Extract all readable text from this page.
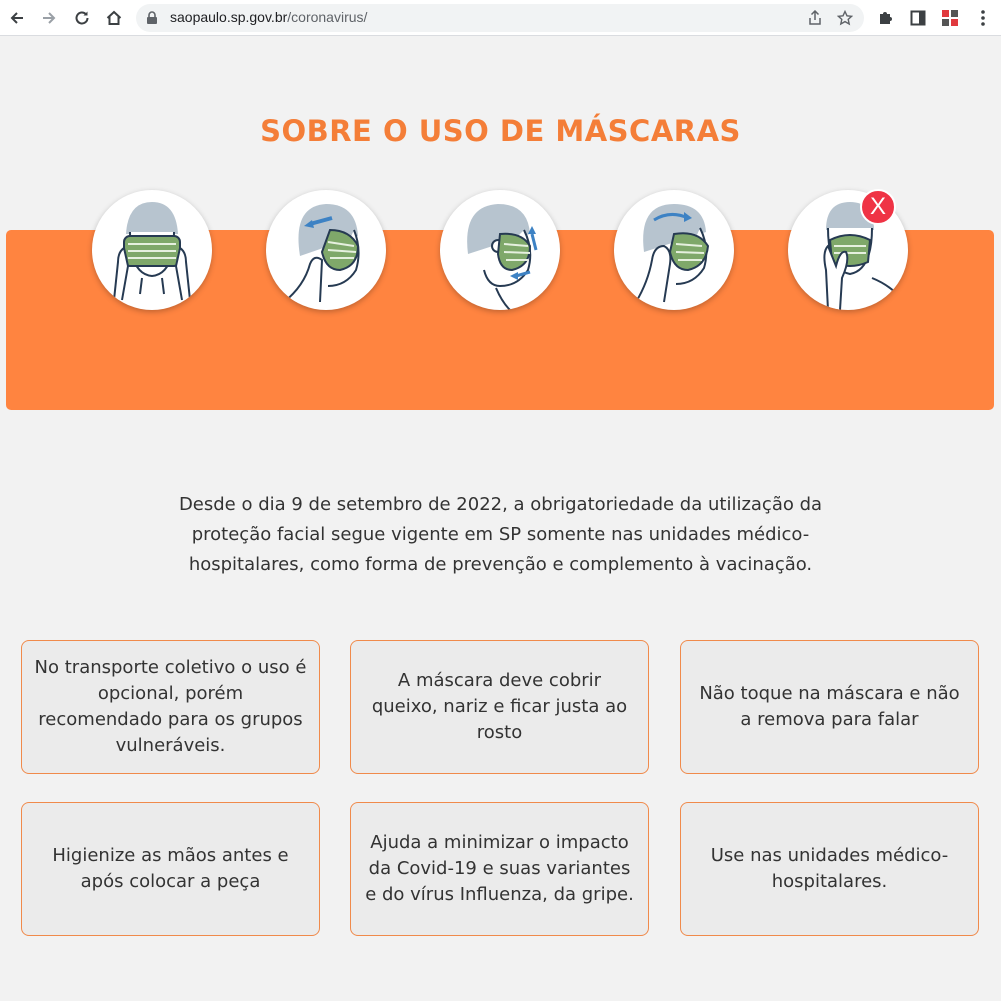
saopaulo.sp.gov.br/coronavirus/
SOBRE O USO DE MÁSCARAS
X

Desde o dia 9 de setembro de 2022, a obrigatoriedade da utilização da proteção facial segue vigente em SP somente nas unidades médico-hospitalares, como forma de prevenção e complemento à vacinação.

No transporte coletivo o uso é opcional, porém recomendado para os grupos vulneráveis.
A máscara deve cobrir queixo, nariz e ficar justa ao rosto
Não toque na máscara e não a remova para falar
Higienize as mãos antes e após colocar a peça
Ajuda a minimizar o impacto da Covid-19 e suas variantes e do vírus Influenza, da gripe.
Use nas unidades médico-hospitalares.
